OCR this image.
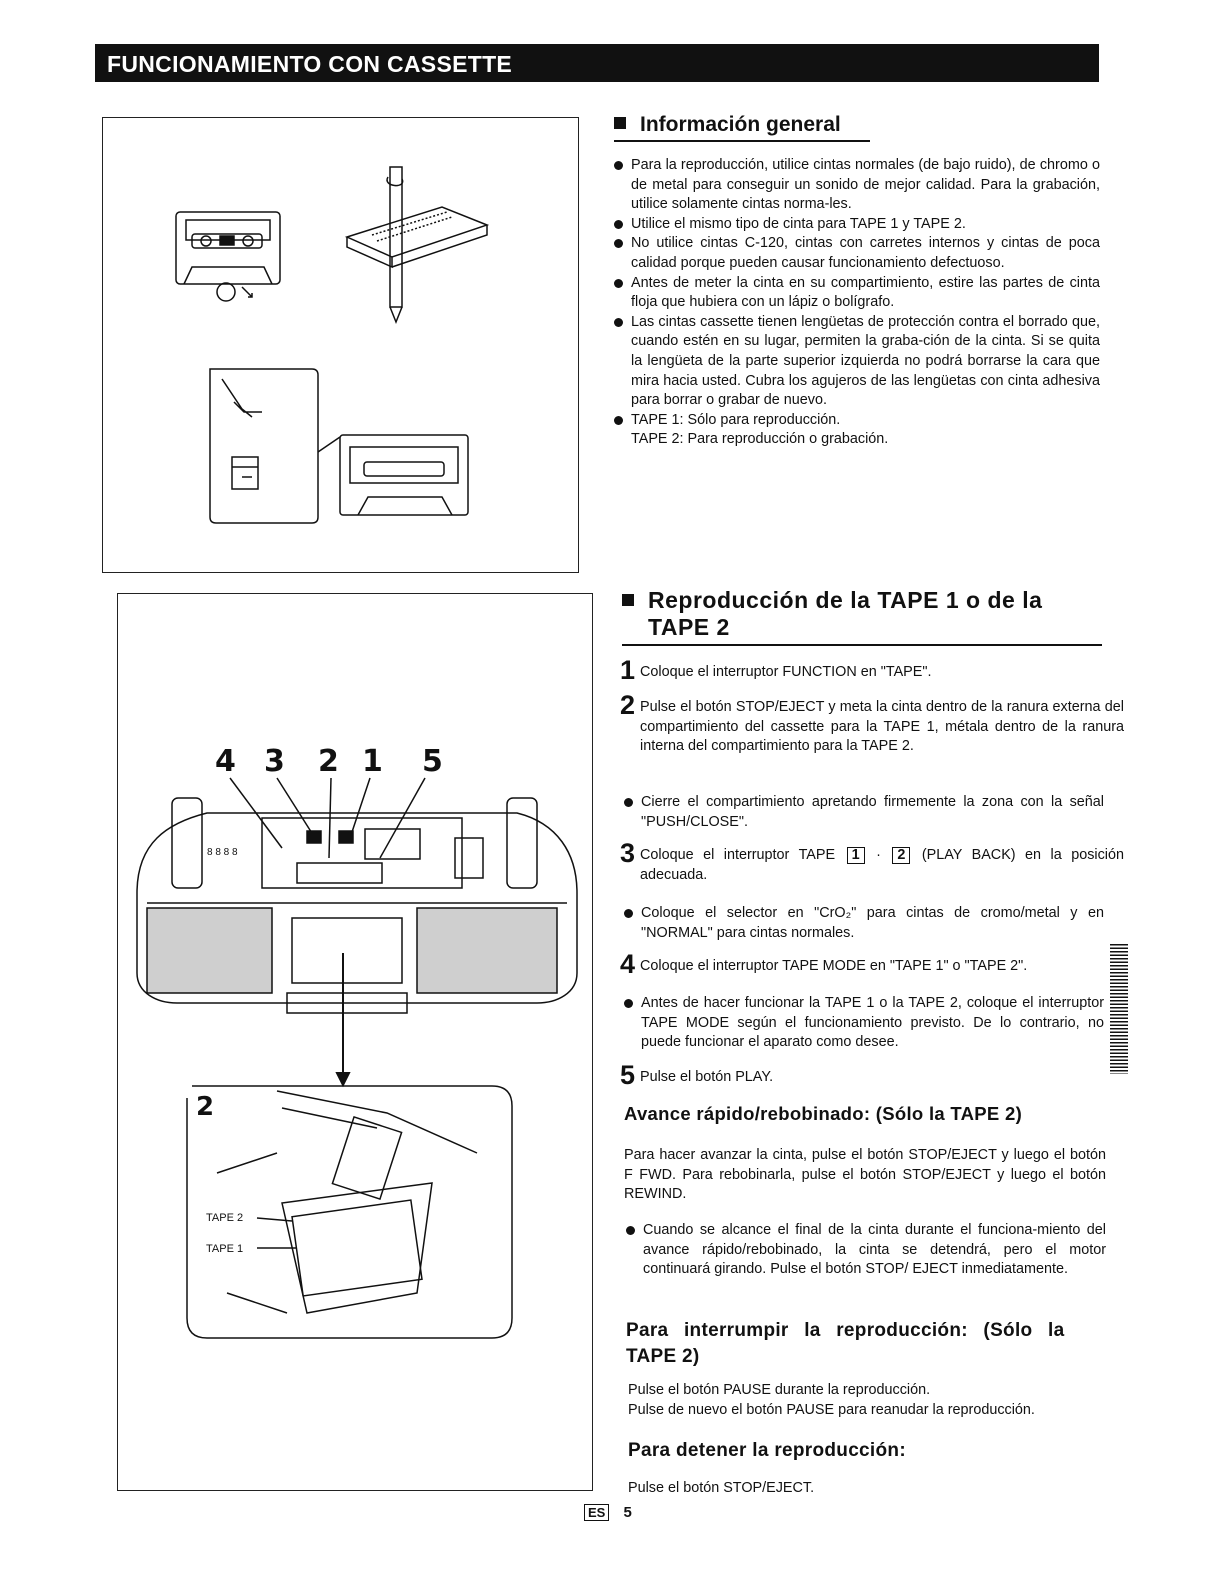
FUNCIONAMIENTO CON CASSETTE
4 3 2 1 5
8 8 8 8
2
TAPE 2
TAPE 1
Información general
Para la reproducción, utilice cintas normales (de bajo ruido), de chromo o de metal para conseguir un sonido de mejor calidad. Para la grabación, utilice solamente cintas norma-les.
Utilice el mismo tipo de cinta para TAPE 1 y TAPE 2.
No utilice cintas C-120, cintas con carretes internos y cintas de poca calidad porque pueden causar funcionamiento defectuoso.
Antes de meter la cinta en su compartimiento, estire las partes de cinta floja que hubiera con un lápiz o bolígrafo.
Las cintas cassette tienen lengüetas de protección contra el borrado que, cuando estén en su lugar, permiten la graba-ción de la cinta. Si se quita la lengüeta de la parte superior izquierda no podrá borrarse la cara que mira hacia usted. Cubra los agujeros de las lengüetas con cinta adhesiva para borrar o grabar de nuevo.
TAPE 1: Sólo para reproducción.
TAPE 2: Para reproducción o grabación.
Reproducción de la TAPE 1 o de la
TAPE 2
1 Coloque el interruptor FUNCTION en "TAPE".
2 Pulse el botón STOP/EJECT y meta la cinta dentro de la ranura externa del compartimiento del cassette para la TAPE 1, métala dentro de la ranura interna del compartimiento para la TAPE 2.
Cierre el compartimiento apretando firmemente la zona con la señal "PUSH/CLOSE".
3 Coloque el interruptor TAPE 1 · 2 (PLAY BACK) en la posición adecuada.
Coloque el selector en "CrO₂" para cintas de cromo/metal y en "NORMAL" para cintas normales.
4 Coloque el interruptor TAPE MODE en "TAPE 1" o "TAPE 2".
Antes de hacer funcionar la TAPE 1 o la TAPE 2, coloque el interruptor TAPE MODE según el funcionamiento previsto. De lo contrario, no puede funcionar el aparato como desee.
5 Pulse el botón PLAY.
Avance rápido/rebobinado: (Sólo la TAPE 2)
Para hacer avanzar la cinta, pulse el botón STOP/EJECT y luego el botón F FWD. Para rebobinarla, pulse el botón STOP/EJECT y luego el botón REWIND.
Cuando se alcance el final de la cinta durante el funciona-miento del avance rápido/rebobinado, la cinta se detendrá, pero el motor continuará girando. Pulse el botón STOP/ EJECT inmediatamente.
Para interrumpir la reproducción: (Sólo la
TAPE 2)
Pulse el botón PAUSE durante la reproducción.
Pulse de nuevo el botón PAUSE para reanudar la reproducción.
Para detener la reproducción:
Pulse el botón STOP/EJECT.
ES 5
